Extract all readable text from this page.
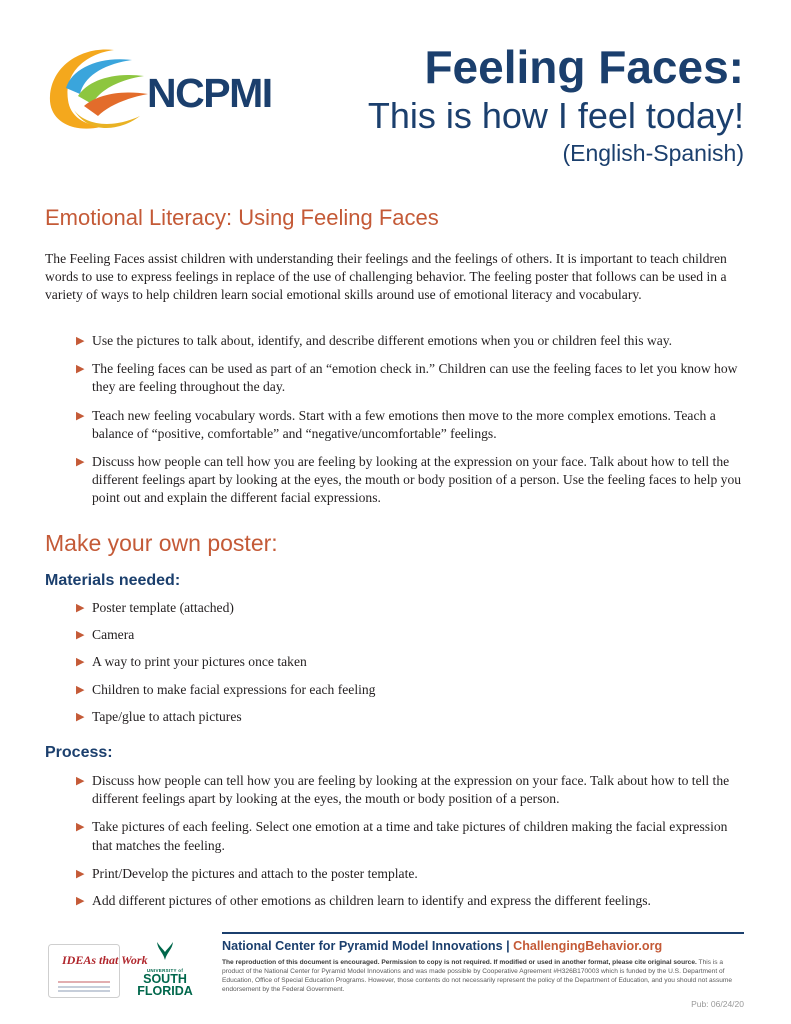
NCPMI	Feeling Faces:
This is how I feel today!
(English-Spanish)
Emotional Literacy: Using Feeling Faces

The Feeling Faces assist children with understanding their feelings and the feelings of others. It is important to teach children words to use to express feelings in replace of the use of challenging behavior. The feeling poster that follows can be used in a variety of ways to help children learn social emotional skills around use of emotional literacy and vocabulary.

▶ Use the pictures to talk about, identify, and describe different emotions when you or children feel this way.
▶ The feeling faces can be used as part of an “emotion check in.” Children can use the feeling faces to let you know how they are feeling throughout the day.
▶ Teach new feeling vocabulary words. Start with a few emotions then move to the more complex emotions. Teach a balance of “positive, comfortable” and “negative/uncomfortable” feelings.
▶ Discuss how people can tell how you are feeling by looking at the expression on your face. Talk about how to tell the different feelings apart by looking at the eyes, the mouth or body position of a person. Use the feeling faces to help you point out and explain the different facial expressions.
Make your own poster:
Materials needed:
▶ Poster template (attached)
▶ Camera
▶ A way to print your pictures once taken
▶ Children to make facial expressions for each feeling
▶ Tape/glue to attach pictures
Process:
▶ Discuss how people can tell how you are feeling by looking at the expression on your face. Talk about how to tell the different feelings apart by looking at the eyes, the mouth or body position of a person.
▶ Take pictures of each feeling. Select one emotion at a time and take pictures of children making the facial expression that matches the feeling.
▶ Print/Develop the pictures and attach to the poster template.
▶ Add different pictures of other emotions as children learn to identify and express the different feelings.
IDEAs that Work
UNIVERSITY of
SOUTH
FLORIDA
National Center for Pyramid Model Innovations | ChallengingBehavior.org

The reproduction of this document is encouraged. Permission to copy is not required. If modified or used in another format, please cite original source. This is a product of the National Center for Pyramid Model Innovations and was made possible by Cooperative Agreement #H326B170003 which is funded by the U.S. Department of Education, Office of Special Education Programs. However, those contents do not necessarily represent the policy of the Department of Education, and you should not assume endorsement by the Federal Government.

Pub: 06/24/20
